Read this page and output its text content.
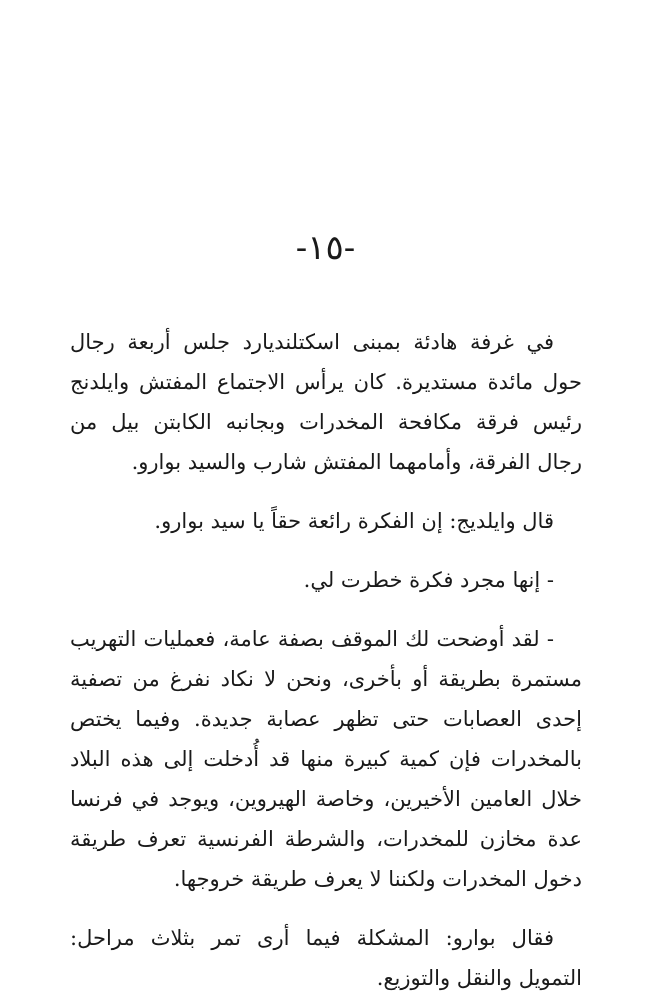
-١٥-

في غرفة هادئة بمبنى اسكتلنديارد جلس أربعة رجال حول مائدة مستديرة. كان يرأس الاجتماع المفتش وايلدنج رئيس فرقة مكافحة المخدرات وبجانبه الكابتن بيل من رجال الفرقة، وأمامهما المفتش شارب والسيد بوارو.

قال وايلديج: إن الفكرة رائعة حقاً يا سيد بوارو.

- إنها مجرد فكرة خطرت لي.

- لقد أوضحت لك الموقف بصفة عامة، فعمليات التهريب مستمرة بطريقة أو بأخرى، ونحن لا نكاد نفرغ من تصفية إحدى العصابات حتى تظهر عصابة جديدة. وفيما يختص بالمخدرات فإن كمية كبيرة منها قد أُدخلت إلى هذه البلاد خلال العامين الأخيرين، وخاصة الهيروين، ويوجد في فرنسا عدة مخازن للمخدرات، والشرطة الفرنسية تعرف طريقة دخول المخدرات ولكننا لا يعرف طريقة خروجها.

فقال بوارو: المشكلة فيما أرى تمر بثلاث مراحل: التمويل والنقل والتوزيع.
